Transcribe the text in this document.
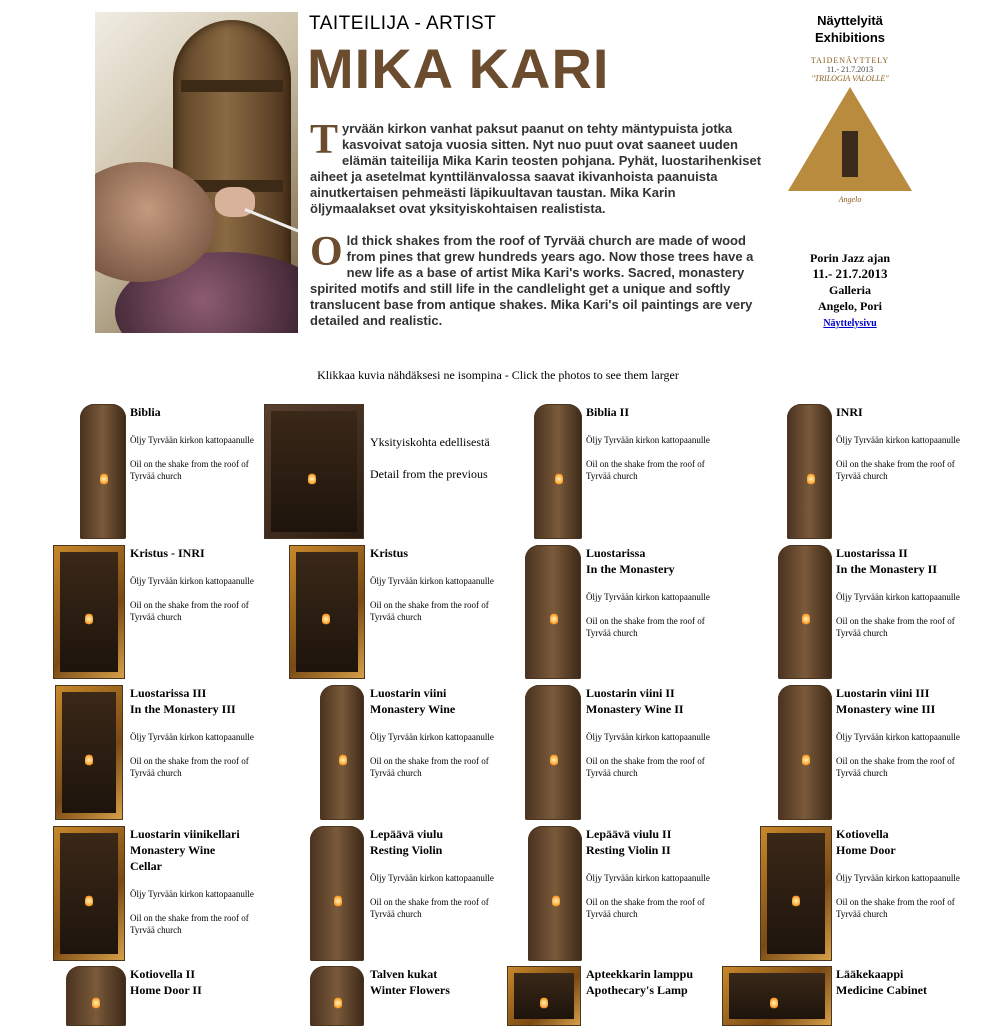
TAITEILIJA - ARTIST
MIKA KARI

Tyrvään kirkon vanhat paksut paanut on tehty mäntypuista jotka kasvoivat satoja vuosia sitten. Nyt nuo puut ovat saaneet uuden elämän taiteilija Mika Karin teosten pohjana. Pyhät, luostarihenkiset aiheet ja asetelmat kynttilänvalossa saavat ikivanhoista paanuista ainutkertaisen pehmeästi läpikuultavan taustan. Mika Karin öljymaalakset ovat yksityiskohtaisen realistista.

Old thick shakes from the roof of Tyrvää church are made of wood from pines that grew hundreds years ago. Now those trees have a new life as a base of artist Mika Kari's works. Sacred, monastery spirited motifs and still life in the candlelight get a unique and softly translucent base from antique shakes. Mika Kari's oil paintings are very detailed and realistic.

Näyttelyitä
Exhibitions
TAIDENÄYTTELY
11.- 21.7.2013
"TRILOGIA VALOLLE"
Angelo
Porin Jazz ajan
11.- 21.7.2013
Galleria
Angelo, Pori
Näyttelysivu
Klikkaa kuvia nähdäksesi ne isompina - Click the photos to see them larger
Biblia
Öljy Tyrvään kirkon kattopaanulle
Oil on the shake from the roof of Tyrvää church
Yksityiskohta edellisestä
Detail from the previous
Biblia II
Öljy Tyrvään kirkon kattopaanulle
Oil on the shake from the roof of Tyrvää church
INRI
Öljy Tyrvään kirkon kattopaanulle
Oil on the shake from the roof of Tyrvää church
Kristus - INRI
Öljy Tyrvään kirkon kattopaanulle
Oil on the shake from the roof of Tyrvää church
Kristus
Öljy Tyrvään kirkon kattopaanulle
Oil on the shake from the roof of Tyrvää church
Luostarissa
In the Monastery
Öljy Tyrvään kirkon kattopaanulle
Oil on the shake from the roof of Tyrvää church
Luostarissa II
In the Monastery II
Öljy Tyrvään kirkon kattopaanulle
Oil on the shake from the roof of Tyrvää church
Luostarissa III
In the Monastery III
Öljy Tyrvään kirkon kattopaanulle
Oil on the shake from the roof of Tyrvää church
Luostarin viini
Monastery Wine
Öljy Tyrvään kirkon kattopaanulle
Oil on the shake from the roof of Tyrvää church
Luostarin viini II
Monastery Wine II
Öljy Tyrvään kirkon kattopaanulle
Oil on the shake from the roof of Tyrvää church
Luostarin viini III
Monastery wine III
Öljy Tyrvään kirkon kattopaanulle
Oil on the shake from the roof of Tyrvää church
Luostarin viinikellari
Monastery Wine
Cellar
Öljy Tyrvään kirkon kattopaanulle
Oil on the shake from the roof of Tyrvää church
Lepäävä viulu
Resting Violin
Öljy Tyrvään kirkon kattopaanulle
Oil on the shake from the roof of Tyrvää church
Lepäävä viulu II
Resting Violin II
Öljy Tyrvään kirkon kattopaanulle
Oil on the shake from the roof of Tyrvää church
Kotiovella
Home Door
Öljy Tyrvään kirkon kattopaanulle
Oil on the shake from the roof of Tyrvää church
Kotiovella II
Home Door II
Talven kukat
Winter Flowers
Apteekkarin lamppu
Apothecary's Lamp
Lääkekaappi
Medicine Cabinet
